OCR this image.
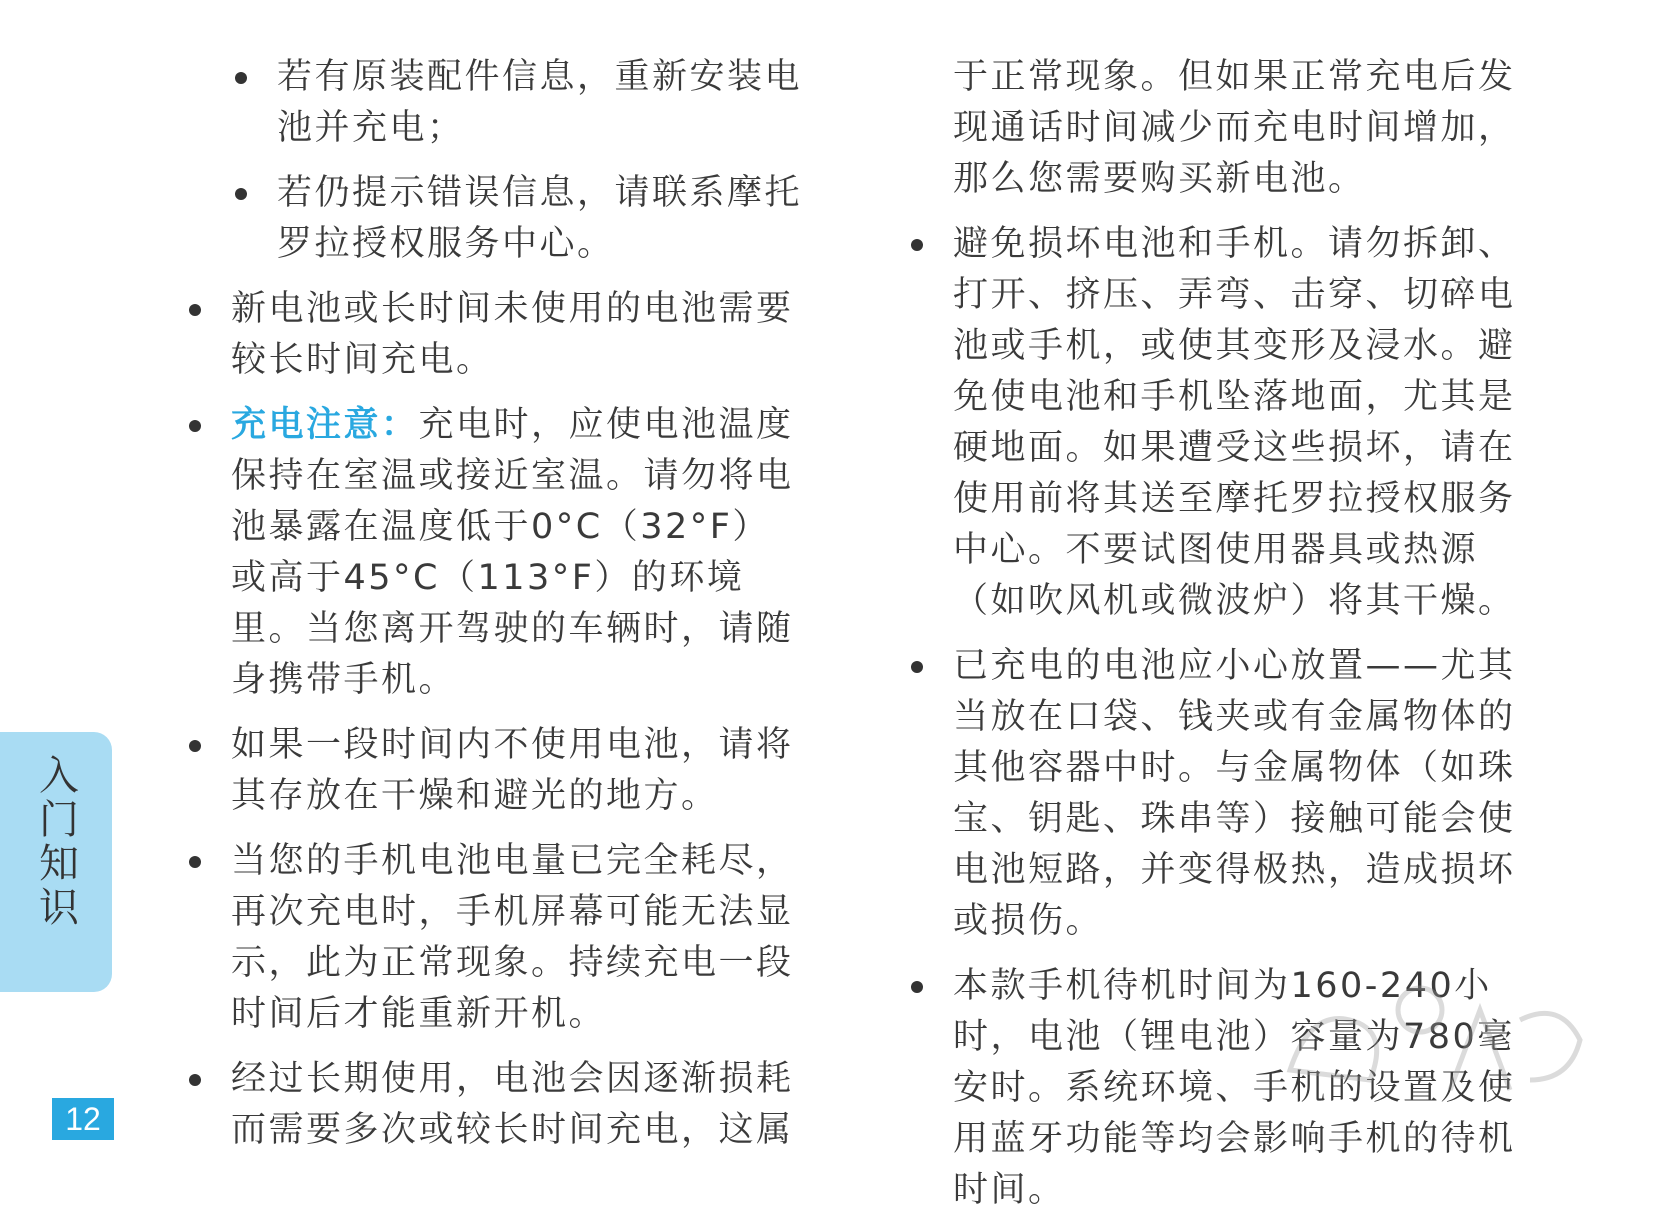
若有原装配件信息，重新安装电池并充电；
若仍提示错误信息，请联系摩托罗拉授权服务中心。
新电池或长时间未使用的电池需要较长时间充电。
充电注意：充电时，应使电池温度保持在室温或接近室温。请勿将电池暴露在温度低于0°C（32°F）或高于45°C（113°F）的环境里。当您离开驾驶的车辆时，请随身携带手机。
如果一段时间内不使用电池，请将其存放在干燥和避光的地方。
当您的手机电池电量已完全耗尽，再次充电时，手机屏幕可能无法显示，此为正常现象。持续充电一段时间后才能重新开机。
经过长期使用，电池会因逐渐损耗而需要多次或较长时间充电，这属
于正常现象。但如果正常充电后发现通话时间减少而充电时间增加，那么您需要购买新电池。
避免损坏电池和手机。请勿拆卸、打开、挤压、弄弯、击穿、切碎电池或手机，或使其变形及浸水。避免使电池和手机坠落地面，尤其是硬地面。如果遭受这些损坏，请在使用前将其送至摩托罗拉授权服务中心。不要试图使用器具或热源（如吹风机或微波炉）将其干燥。
已充电的电池应小心放置——尤其当放在口袋、钱夹或有金属物体的其他容器中时。与金属物体（如珠宝、钥匙、珠串等）接触可能会使电池短路，并变得极热，造成损坏或损伤。
本款手机待机时间为160-240小时，电池（锂电池）容量为780毫安时。系统环境、手机的设置及使用蓝牙功能等均会影响手机的待机时间。
入门知识
12
